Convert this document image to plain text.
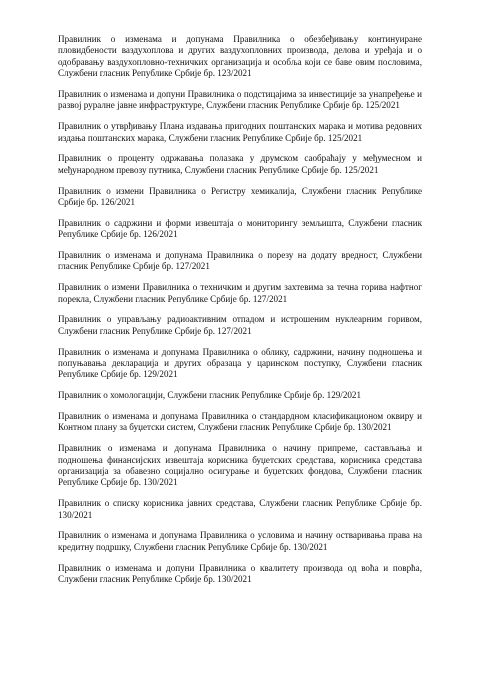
Правилник о изменама и допунама Правилника о обезбеђивању континуиране пловидбености ваздухоплова и других ваздухопловних производа, делова и уређаја и о одобравању ваздухопловно-техничких организација и особља који се баве овим пословима, Службени гласник Републике Србије бр. 123/2021

Правилник о изменама и допуни Правилника о подстицајима за инвестиције за унапређење и развој руралне јавне инфраструктуре, Службени гласник Републике Србије бр. 125/2021

Правилник о утврђивању Плана издавања пригодних поштанских марака и мотива редовних издања поштанских марака, Службени гласник Републике Србије бр. 125/2021

Правилник о проценту одржавања полазака у друмском саобраћају у међумесном и међународном превозу путника, Службени гласник Републике Србије бр. 125/2021

Правилник о измени Правилника о Регистру хемикалија, Службени гласник Републике Србије бр. 126/2021

Правилник о садржини и форми извештаја о мониторингу земљишта, Службени гласник Републике Србије бр. 126/2021

Правилник о изменама и допунама Правилника о порезу на додату вредност, Службени гласник Републике Србије бр. 127/2021

Правилник о измени Правилника о техничким и другим захтевима за течна горива нафтног порекла, Службени гласник Републике Србије бр. 127/2021

Правилник о управљању радиоактивним отпадом и истрошеним нуклеарним горивом, Службени гласник Републике Србије бр. 127/2021

Правилник о изменама и допунама Правилника о облику, садржини, начину подношења и попуњавања декларација и других образаца у царинском поступку, Службени гласник Републике Србије бр. 129/2021

Правилник о хомологацији, Службени гласник Републике Србије бр. 129/2021

Правилник о изменама и допунама Правилника о стандардном класификационом оквиру и Контном плану за буџетски систем, Службени гласник Републике Србије бр. 130/2021

Правилник о изменама и допунама Правилника о начину припреме, састављања и подношења финансијских извештаја корисника буџетских средстава, корисника средстава организација за обавезно социјално осигурање и буџетских фондова, Службени гласник Републике Србије бр. 130/2021

Правилник о списку корисника јавних средстава, Службени гласник Републике Србије бр. 130/2021

Правилник о изменама и допунама Правилника о условима и начину остваривања права на кредитну подршку, Службени гласник Републике Србије бр. 130/2021

Правилник о изменама и допуни Правилника о квалитету производа од воћа и поврћа, Службени гласник Републике Србије бр. 130/2021
